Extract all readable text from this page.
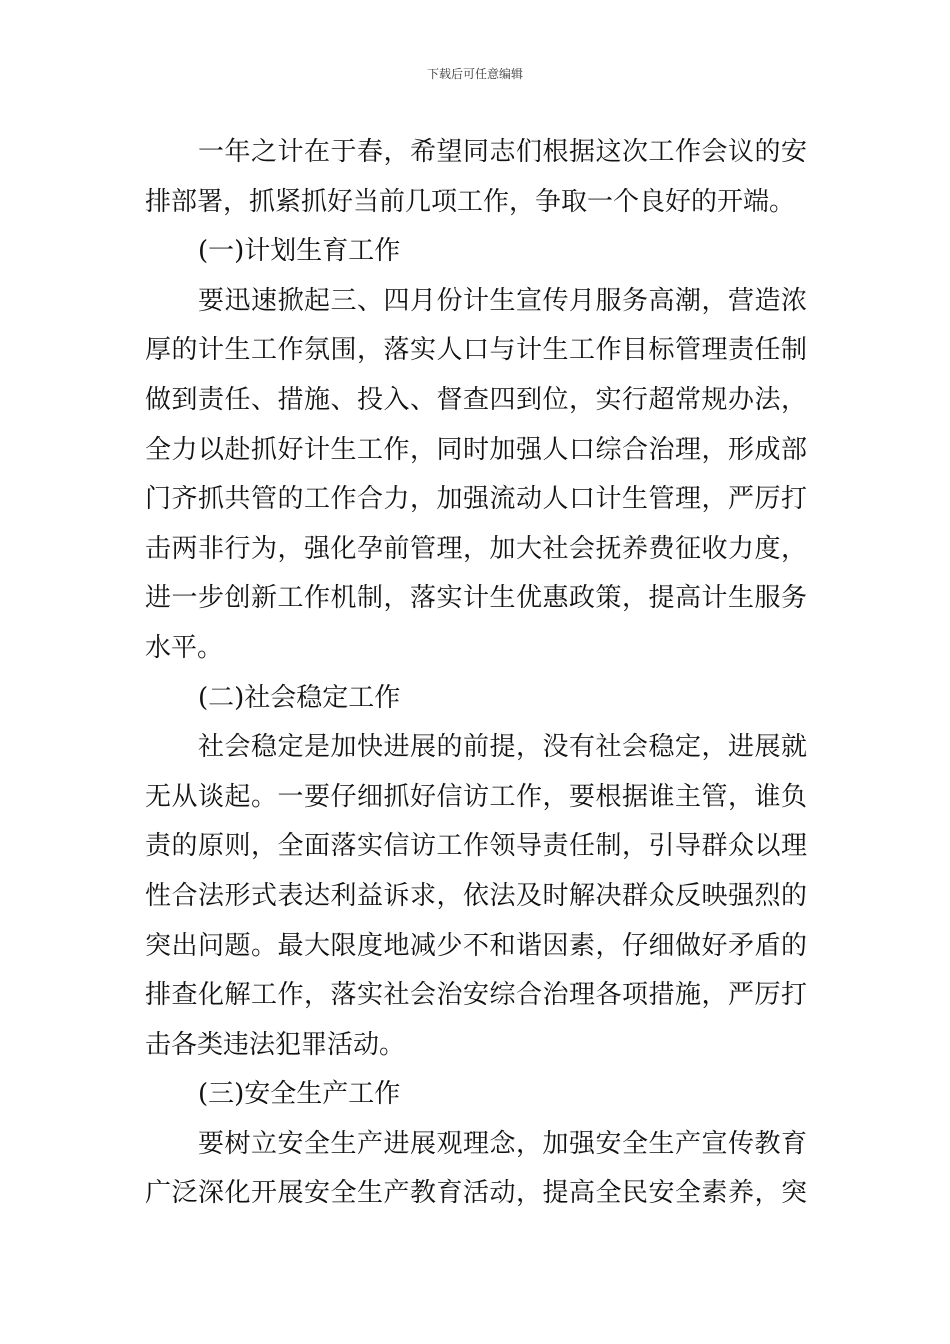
下载后可任意编辑
一年之计在于春，希望同志们根据这次工作会议的安
排部署，抓紧抓好当前几项工作，争取一个良好的开端。
(一)计划生育工作
要迅速掀起三、四月份计生宣传月服务高潮，营造浓
厚的计生工作氛围，落实人口与计生工作目标管理责任制
做到责任、措施、投入、督查四到位，实行超常规办法，
全力以赴抓好计生工作，同时加强人口综合治理，形成部
门齐抓共管的工作合力，加强流动人口计生管理，严厉打
击两非行为，强化孕前管理，加大社会抚养费征收力度，
进一步创新工作机制，落实计生优惠政策，提高计生服务
水平。
(二)社会稳定工作
社会稳定是加快进展的前提，没有社会稳定，进展就
无从谈起。一要仔细抓好信访工作，要根据谁主管，谁负
责的原则，全面落实信访工作领导责任制，引导群众以理
性合法形式表达利益诉求，依法及时解决群众反映强烈的
突出问题。最大限度地减少不和谐因素，仔细做好矛盾的
排查化解工作，落实社会治安综合治理各项措施，严厉打
击各类违法犯罪活动。
(三)安全生产工作
要树立安全生产进展观理念，加强安全生产宣传教育
广泛深化开展安全生产教育活动，提高全民安全素养，突
